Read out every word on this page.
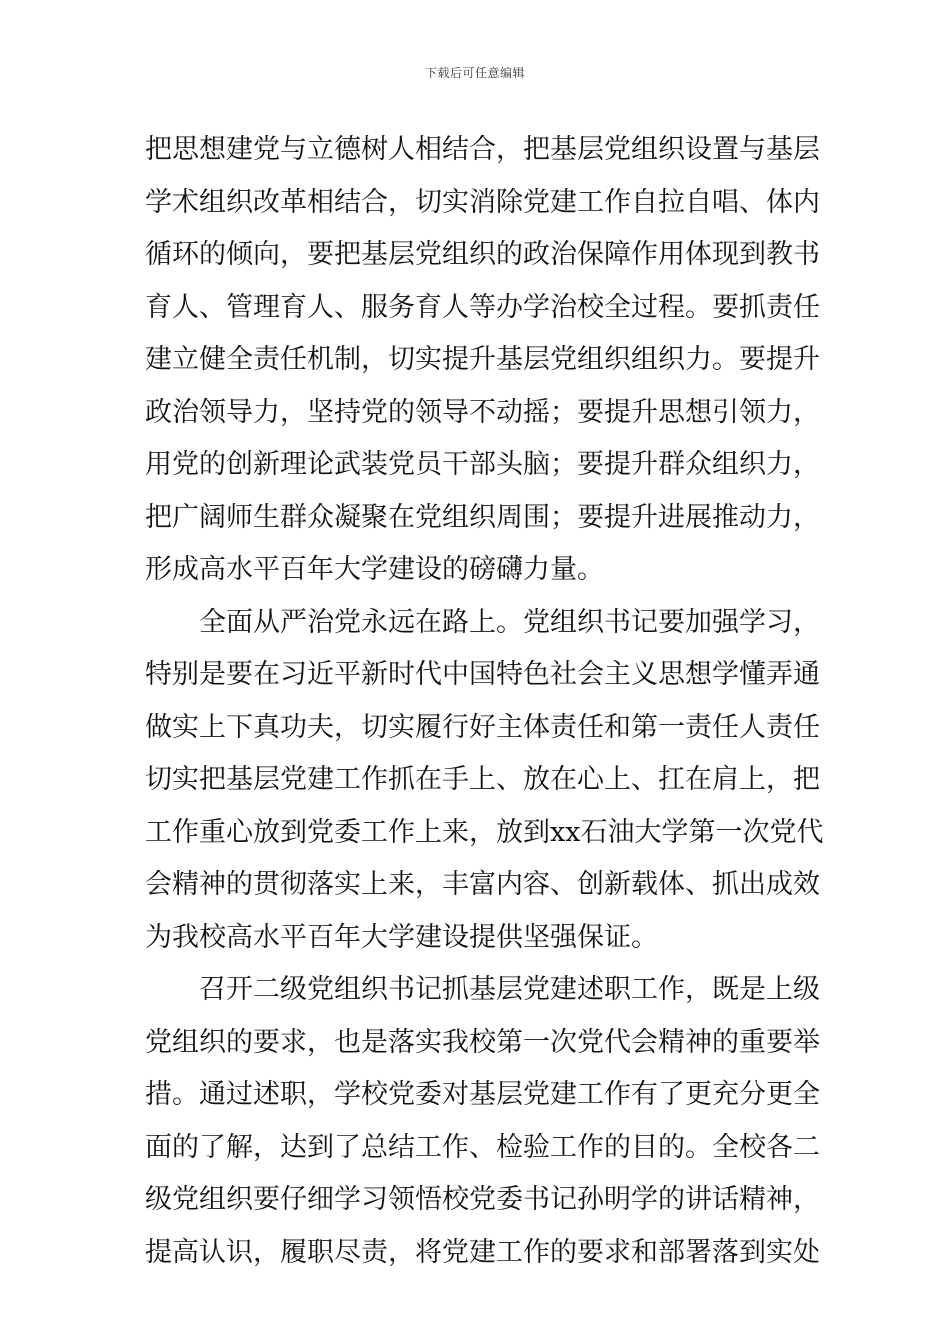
下载后可任意编辑
把思想建党与立德树人相结合，把基层党组织设置与基层
学术组织改革相结合，切实消除党建工作自拉自唱、体内
循环的倾向，要把基层党组织的政治保障作用体现到教书
育人、管理育人、服务育人等办学治校全过程。要抓责任
建立健全责任机制，切实提升基层党组织组织力。要提升
政治领导力，坚持党的领导不动摇；要提升思想引领力，
用党的创新理论武装党员干部头脑；要提升群众组织力，
把广阔师生群众凝聚在党组织周围；要提升进展推动力，
形成高水平百年大学建设的磅礴力量。
　　全面从严治党永远在路上。党组织书记要加强学习，
特别是要在习近平新时代中国特色社会主义思想学懂弄通
做实上下真功夫，切实履行好主体责任和第一责任人责任
切实把基层党建工作抓在手上、放在心上、扛在肩上，把
工作重心放到党委工作上来，放到xx石油大学第一次党代
会精神的贯彻落实上来，丰富内容、创新载体、抓出成效
为我校高水平百年大学建设提供坚强保证。
　　召开二级党组织书记抓基层党建述职工作，既是上级
党组织的要求，也是落实我校第一次党代会精神的重要举
措。通过述职，学校党委对基层党建工作有了更充分更全
面的了解，达到了总结工作、检验工作的目的。全校各二
级党组织要仔细学习领悟校党委书记孙明学的讲话精神，
提高认识，履职尽责，将党建工作的要求和部署落到实处
